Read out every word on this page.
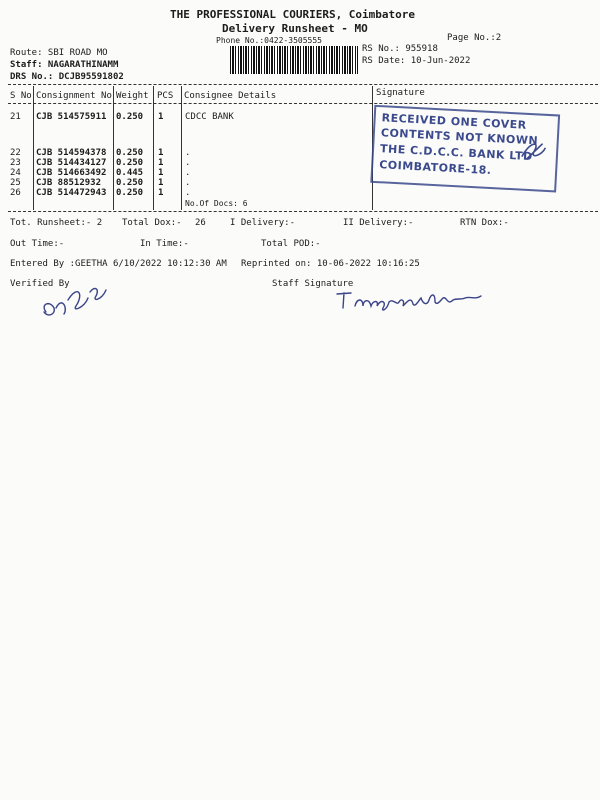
THE PROFESSIONAL COURIERS, Coimbatore
Delivery Runsheet - MO
Phone No.:0422-3505555	Page No.:2
Route: SBI ROAD MO
Staff: NAGARATHINAMM
DRS No.: DCJB95591802
RS No.: 955918
RS Date: 10-Jun-2022
S No Consignment No Weight PCS Consignee Details	Signature
21 CJB 514575911 0.250 1 CDCC BANK
22 CJB 514594378 0.250 1 .
23 CJB 514434127 0.250 1 .
24 CJB 514663492 0.445 1 .
25 CJB 88512932 0.250 1 .
26 CJB 514472943 0.250 1 .
No.Of Docs: 6
RECEIVED ONE COVER
CONTENTS NOT KNOWN
THE C.D.C.C. BANK LTD
COIMBATORE-18.
Tot. Runsheet:- 2 Total Dox:- 26	I Delivery:-	II Delivery:-	RTN Dox:-
Out Time:-	In Time:-	Total POD:-
Entered By :GEETHA 6/10/2022 10:12:30 AM Reprinted on: 10-06-2022 10:16:25
Verified By	Staff Signature
